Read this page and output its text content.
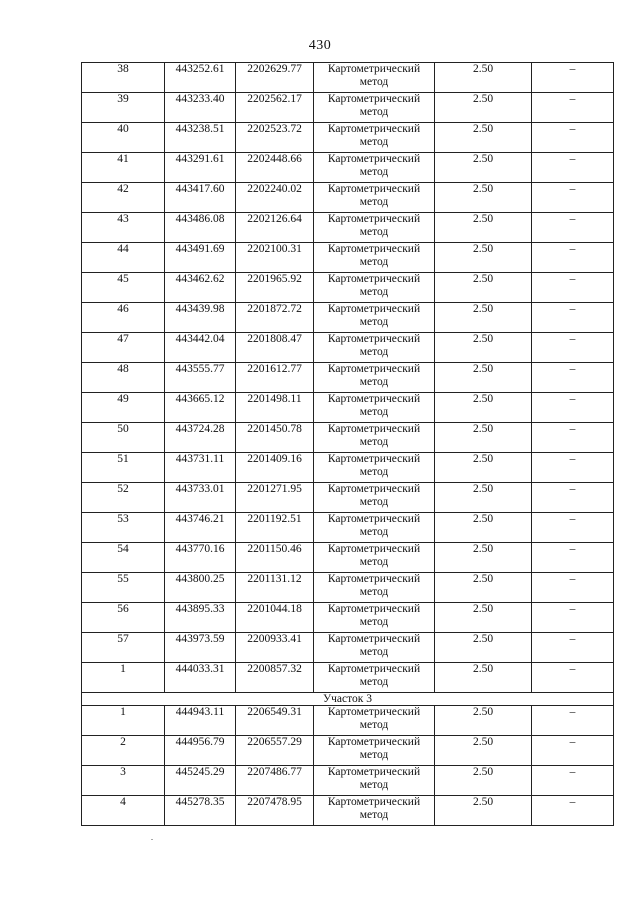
430
38	443252.61	2202629.77	Картометрический метод	2.50	–
39	443233.40	2202562.17	Картометрический метод	2.50	–
40	443238.51	2202523.72	Картометрический метод	2.50	–
41	443291.61	2202448.66	Картометрический метод	2.50	–
42	443417.60	2202240.02	Картометрический метод	2.50	–
43	443486.08	2202126.64	Картометрический метод	2.50	–
44	443491.69	2202100.31	Картометрический метод	2.50	–
45	443462.62	2201965.92	Картометрический метод	2.50	–
46	443439.98	2201872.72	Картометрический метод	2.50	–
47	443442.04	2201808.47	Картометрический метод	2.50	–
48	443555.77	2201612.77	Картометрический метод	2.50	–
49	443665.12	2201498.11	Картометрический метод	2.50	–
50	443724.28	2201450.78	Картометрический метод	2.50	–
51	443731.11	2201409.16	Картометрический метод	2.50	–
52	443733.01	2201271.95	Картометрический метод	2.50	–
53	443746.21	2201192.51	Картометрический метод	2.50	–
54	443770.16	2201150.46	Картометрический метод	2.50	–
55	443800.25	2201131.12	Картометрический метод	2.50	–
56	443895.33	2201044.18	Картометрический метод	2.50	–
57	443973.59	2200933.41	Картометрический метод	2.50	–
1	444033.31	2200857.32	Картометрический метод	2.50	–
Участок 3					
1	444943.11	2206549.31	Картометрический метод	2.50	–
2	444956.79	2206557.29	Картометрический метод	2.50	–
3	445245.29	2207486.77	Картометрический метод	2.50	–
4	445278.35	2207478.95	Картометрический метод	2.50	–
.
